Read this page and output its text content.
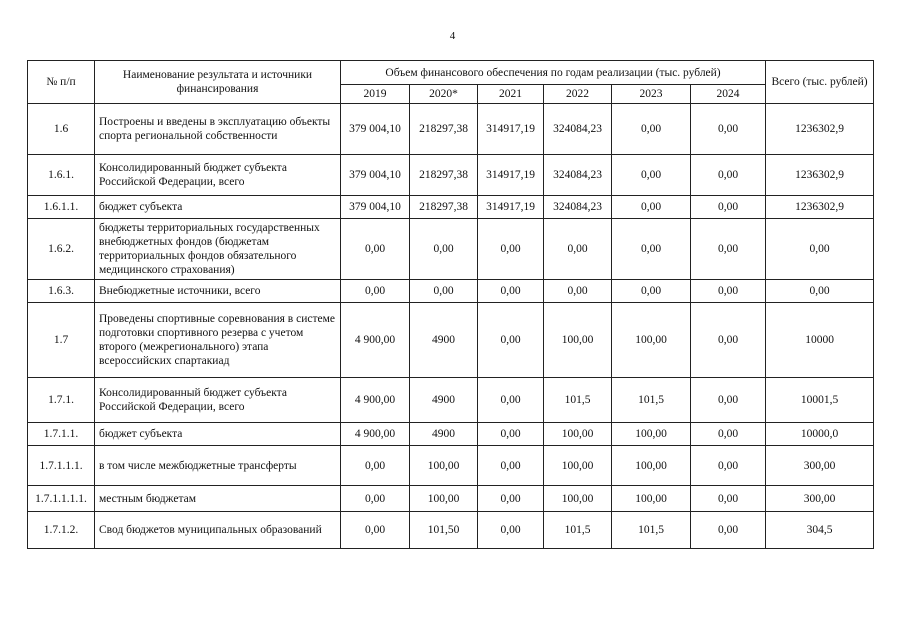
4
№ п/п	Наименование результата и источники финансирования	Объем финансового обеспечения по годам реализации (тыс. рублей)						Всего (тыс. рублей)
		2019	2020*	2021	2022	2023	2024	
1.6	Построены и введены в эксплуатацию объекты спорта региональной собственности	379 004,10	218297,38	314917,19	324084,23	0,00	0,00	1236302,9
1.6.1.	Консолидированный бюджет субъекта Российской Федерации, всего	379 004,10	218297,38	314917,19	324084,23	0,00	0,00	1236302,9
1.6.1.1.	бюджет субъекта	379 004,10	218297,38	314917,19	324084,23	0,00	0,00	1236302,9
1.6.2.	бюджеты территориальных государственных внебюджетных фондов (бюджетам территориальных фондов обязательного медицинского страхования)	0,00	0,00	0,00	0,00	0,00	0,00	0,00
1.6.3.	Внебюджетные источники, всего	0,00	0,00	0,00	0,00	0,00	0,00	0,00
1.7	Проведены спортивные соревнования в системе подготовки спортивного резерва с учетом второго (межрегионального) этапа всероссийских спартакиад	4 900,00	4900	0,00	100,00	100,00	0,00	10000
1.7.1.	Консолидированный бюджет субъекта Российской Федерации, всего	4 900,00	4900	0,00	101,5	101,5	0,00	10001,5
1.7.1.1.	бюджет субъекта	4 900,00	4900	0,00	100,00	100,00	0,00	10000,0
1.7.1.1.1.	в том числе межбюджетные трансферты	0,00	100,00	0,00	100,00	100,00	0,00	300,00
1.7.1.1.1.1.	местным бюджетам	0,00	100,00	0,00	100,00	100,00	0,00	300,00
1.7.1.2.	Свод бюджетов муниципальных образований	0,00	101,50	0,00	101,5	101,5	0,00	304,5
